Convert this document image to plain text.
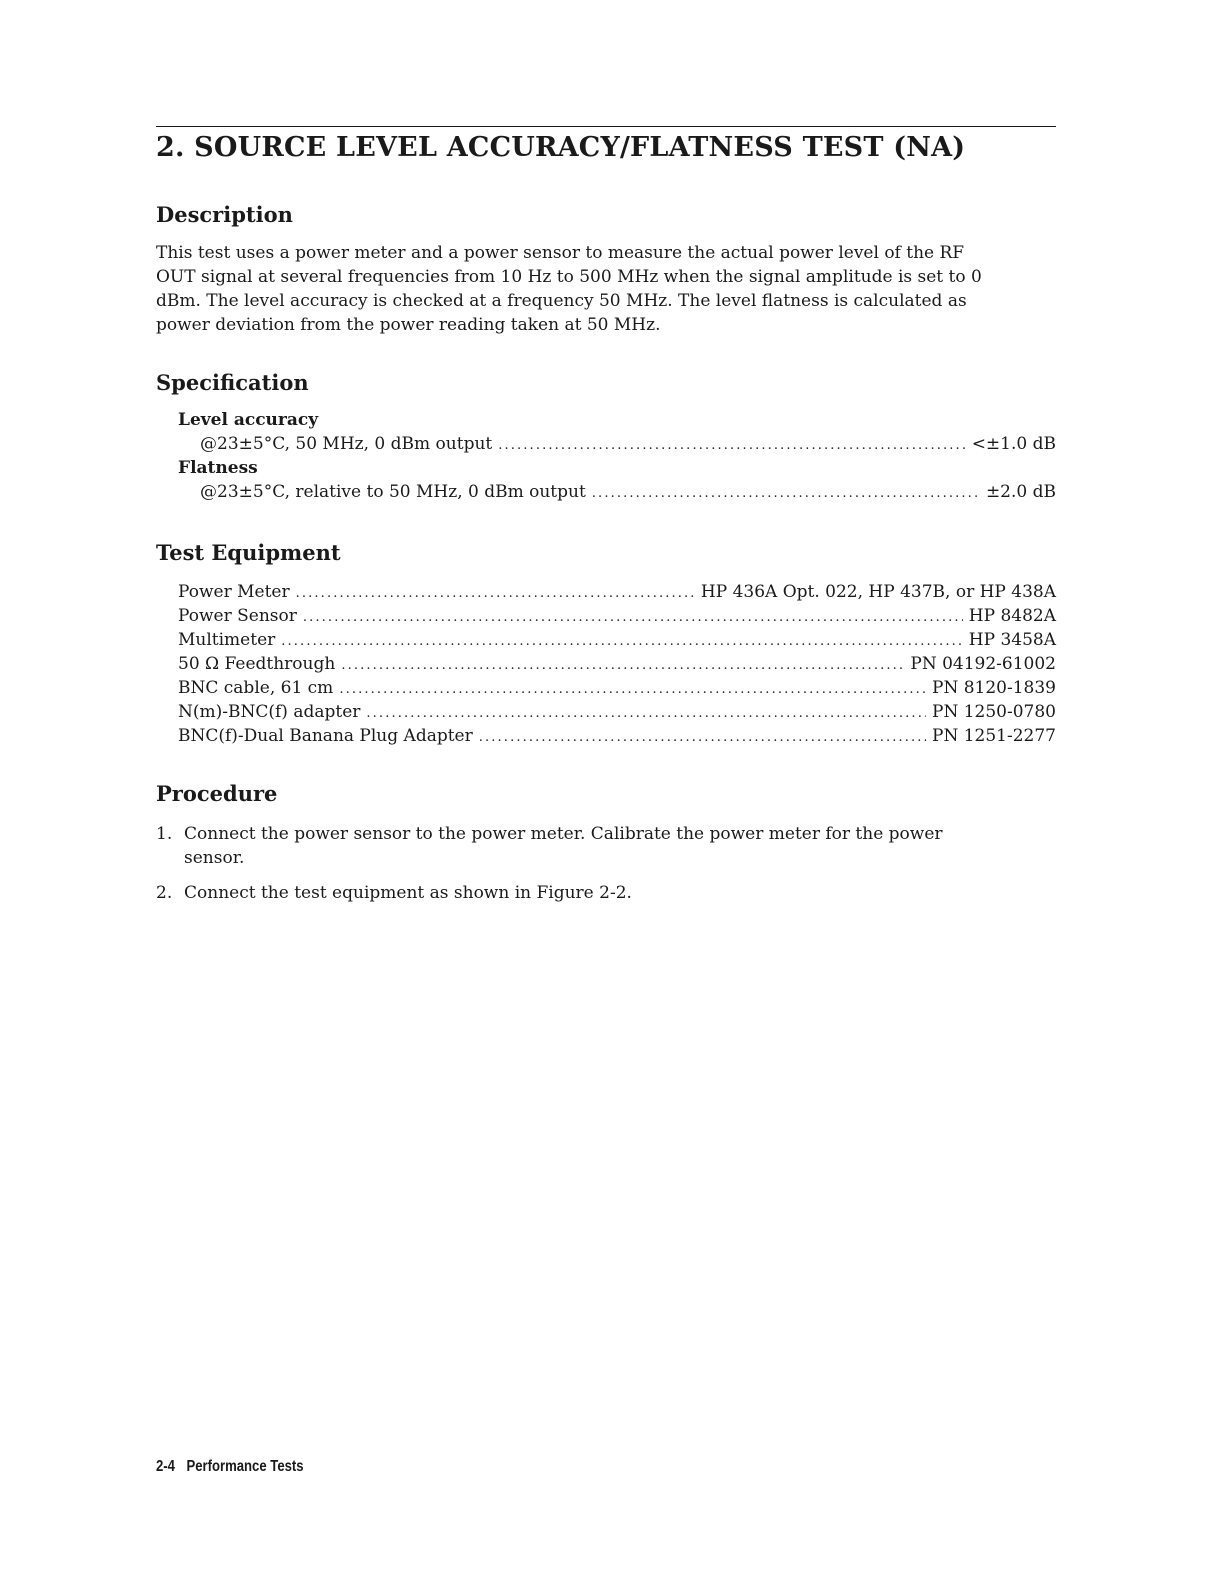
2. SOURCE LEVEL ACCURACY/FLATNESS TEST (NA)
Description

This test uses a power meter and a power sensor to measure the actual power level of the RF
OUT signal at several frequencies from 10 Hz to 500 MHz when the signal amplitude is set to 0
dBm. The level accuracy is checked at a frequency 50 MHz. The level flatness is calculated as
power deviation from the power reading taken at 50 MHz.

Specification
Level accuracy
@23±5°C, 50 MHz, 0 dBm output . . .	<±1.0 dB
Flatness
@23±5°C, relative to 50 MHz, 0 dBm output . . .	±2.0 dB
Test Equipment
Power Meter . . .	HP 436A Opt. 022, HP 437B, or HP 438A
Power Sensor . . .	HP 8482A
Multimeter . . .	HP 3458A
50 Ω Feedthrough . . .	PN 04192-61002
BNC cable, 61 cm . . .	PN 8120-1839
N(m)-BNC(f) adapter . . .	PN 1250-0780
BNC(f)-Dual Banana Plug Adapter . . .	PN 1251-2277
Procedure
1. Connect the power sensor to the power meter. Calibrate the power meter for the power
sensor.
2. Connect the test equipment as shown in Figure 2-2.
2-4 Performance Tests
